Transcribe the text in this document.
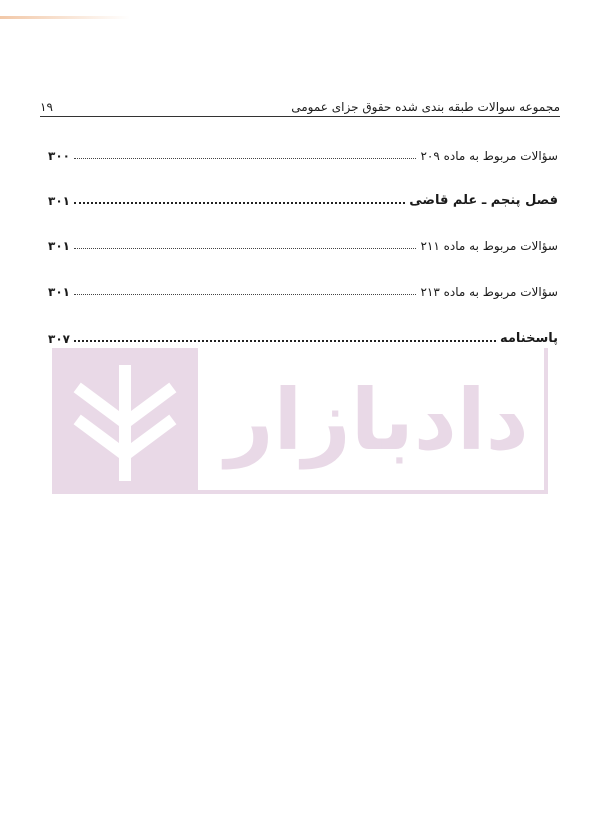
مجموعه سوالات طبقه بندی شده حقوق جزای عمومی
۱۹
سؤالات مربوط به ماده ۲۰۹
۳۰۰
فصل پنجم ـ علم قاضی
۳۰۱
سؤالات مربوط به ماده ۲۱۱
۳۰۱
سؤالات مربوط به ماده ۲۱۳
۳۰۱
پاسخنامه
۳۰۷
دادبازار
